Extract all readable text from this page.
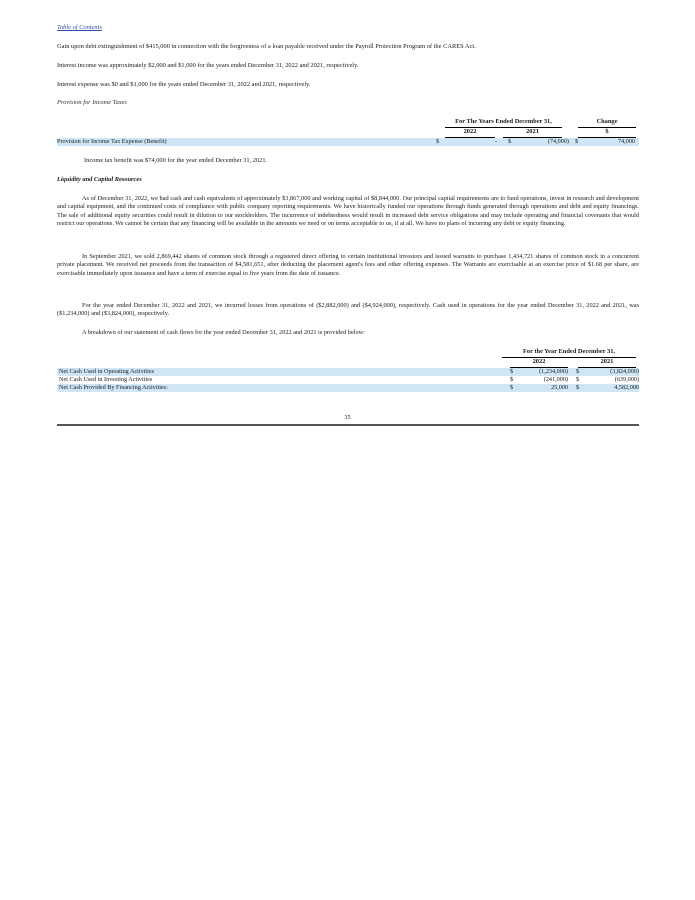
Table of Contents
Gain upon debt extinguishment of $415,000 in connection with the forgiveness of a loan payable received under the Payroll Protection Program of the CARES Act.
Interest income was approximately $2,000 and $1,000 for the years ended December 31, 2022 and 2021, respectively.
Interest expense was $0 and $1,000 for the years ended December 31, 2022 and 2021, respectively.
Provision for Income Taxes
For The Years Ended December 31,	Change
2022	2021	$
Provision for Income Tax Expense (Benefit)	$	- $	(74,000) $	74,000
Income tax benefit was $74,000 for the year ended December 31, 2021.
Liquidity and Capital Resources
As of December 31, 2022, we had cash and cash equivalents of approximately $3,867,000 and working capital of $8,844,000. Our principal capital requirements are to fund operations, invest in research and development and capital equipment, and the continued costs of compliance with public company reporting requirements. We have historically funded our operations through funds generated through operations and debt and equity financings. The sale of additional equity securities could result in dilution to our stockholders. The incurrence of indebtedness would result in increased debt service obligations and may include operating and financial covenants that would restrict our operations. We cannot be certain that any financing will be available in the amounts we need or on terms acceptable to us, if at all. We have no plans of incurring any debt or equity financing.
In September 2021, we sold 2,869,442 shares of common stock through a registered direct offering to certain institutional investors and issued warrants to purchase 1,434,721 shares of common stock in a concurrent private placement. We received net proceeds from the transaction of $4,581,651, after deducting the placement agent's fees and other offering expenses. The Warrants are exercisable at an exercise price of $1.68 per share, are exercisable immediately upon issuance and have a term of exercise equal to five years from the date of issuance.
For the year ended December 31, 2022 and 2021, we incurred losses from operations of ($2,882,000) and ($4,924,000), respectively. Cash used in operations for the year ended December 31, 2022 and 2021, was ($1,234,000) and ($3,824,000), respectively.
A breakdown of our statement of cash flows for the year ended December 31, 2022 and 2021 is provided below:
For the Year Ended December 31,
2022	2021
Net Cash Used in Operating Activities	$	(1,234,000) $	(3,824,000)
Net Cash Used in Investing Activities	$	(241,000) $	(639,000)
Net Cash Provided By Financing Activities:	$	25,000 $	4,582,000
35
